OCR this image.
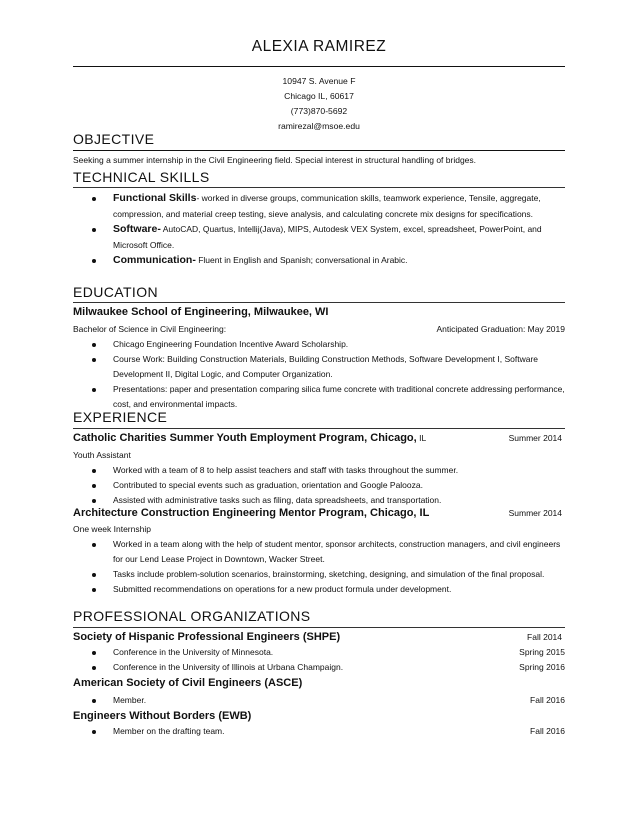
ALEXIA RAMIREZ
10947 S. Avenue F
Chicago IL, 60617
(773)870-5692
ramirezal@msoe.edu
OBJECTIVE
Seeking a summer internship in the Civil Engineering field. Special interest in structural handling of bridges.
TECHNICAL SKILLS
Functional Skills- worked in diverse groups, communication skills, teamwork experience, Tensile, aggregate, compression, and material creep testing, sieve analysis, and calculating concrete mix designs for specifications.
Software- AutoCAD, Quartus, Intellij(Java), MIPS, Autodesk VEX System, excel, spreadsheet, PowerPoint, and Microsoft Office.
Communication- Fluent in English and Spanish; conversational in Arabic.
EDUCATION
Milwaukee School of Engineering, Milwaukee, WI
Bachelor of Science in Civil Engineering:	Anticipated Graduation: May 2019
Chicago Engineering Foundation Incentive Award Scholarship.
Course Work: Building Construction Materials, Building Construction Methods, Software Development I, Software Development II, Digital Logic, and Computer Organization.
Presentations: paper and presentation comparing silica fume concrete with traditional concrete addressing performance, cost, and environmental impacts.
EXPERIENCE
Catholic Charities Summer Youth Employment Program, Chicago, IL	Summer 2014
Youth Assistant
Worked with a team of 8 to help assist teachers and staff with tasks throughout the summer.
Contributed to special events such as graduation, orientation and Google Palooza.
Assisted with administrative tasks such as filing, data spreadsheets, and transportation.
Architecture Construction Engineering Mentor Program, Chicago, IL	Summer 2014
One week Internship
Worked in a team along with the help of student mentor, sponsor architects, construction managers, and civil engineers for our Lend Lease Project in Downtown, Wacker Street.
Tasks include problem-solution scenarios, brainstorming, sketching, designing, and simulation of the final proposal.
Submitted recommendations on operations for a new product formula under development.
PROFESSIONAL ORGANIZATIONS
Society of Hispanic Professional Engineers (SHPE)	Fall 2014
Conference in the University of Minnesota.	Spring 2015
Conference in the University of Illinois at Urbana Champaign.	Spring 2016
American Society of Civil Engineers (ASCE)
Member.	Fall 2016
Engineers Without Borders (EWB)
Member on the drafting team.	Fall 2016
